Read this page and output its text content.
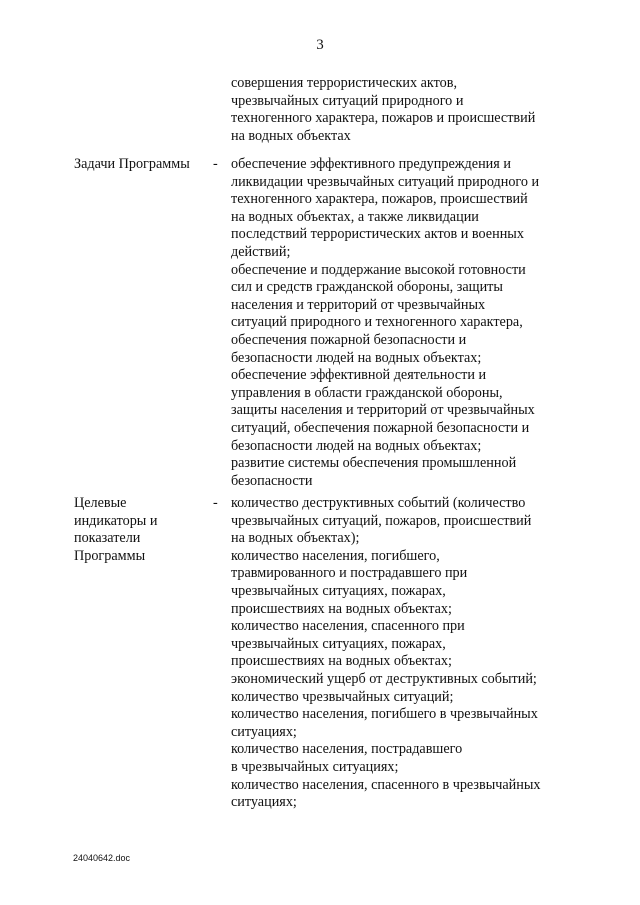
3
совершения террористических актов,
чрезвычайных ситуаций природного и
техногенного характера, пожаров и происшествий
на водных объектах
Задачи Программы	- обеспечение эффективного предупреждения и
ликвидации чрезвычайных ситуаций природного и
техногенного характера, пожаров, происшествий
на водных объектах, а также ликвидации
последствий террористических актов и военных
действий;
обеспечение и поддержание высокой готовности
сил и средств гражданской обороны, защиты
населения и территорий от чрезвычайных
ситуаций природного и техногенного характера,
обеспечения пожарной безопасности и
безопасности людей на водных объектах;
обеспечение эффективной деятельности и
управления в области гражданской обороны,
защиты населения и территорий от чрезвычайных
ситуаций, обеспечения пожарной безопасности и
безопасности людей на водных объектах;
развитие системы обеспечения промышленной
безопасности
Целевые
индикаторы и
показатели
Программы
- количество деструктивных событий (количество
чрезвычайных ситуаций, пожаров, происшествий
на водных объектах);
количество населения, погибшего,
травмированного и пострадавшего при
чрезвычайных ситуациях, пожарах,
происшествиях на водных объектах;
количество населения, спасенного при
чрезвычайных ситуациях, пожарах,
происшествиях на водных объектах;
экономический ущерб от деструктивных событий;
количество чрезвычайных ситуаций;
количество населения, погибшего в чрезвычайных
ситуациях;
количество населения, пострадавшего
в чрезвычайных ситуациях;
количество населения, спасенного в чрезвычайных
ситуациях;
24040642.doc
